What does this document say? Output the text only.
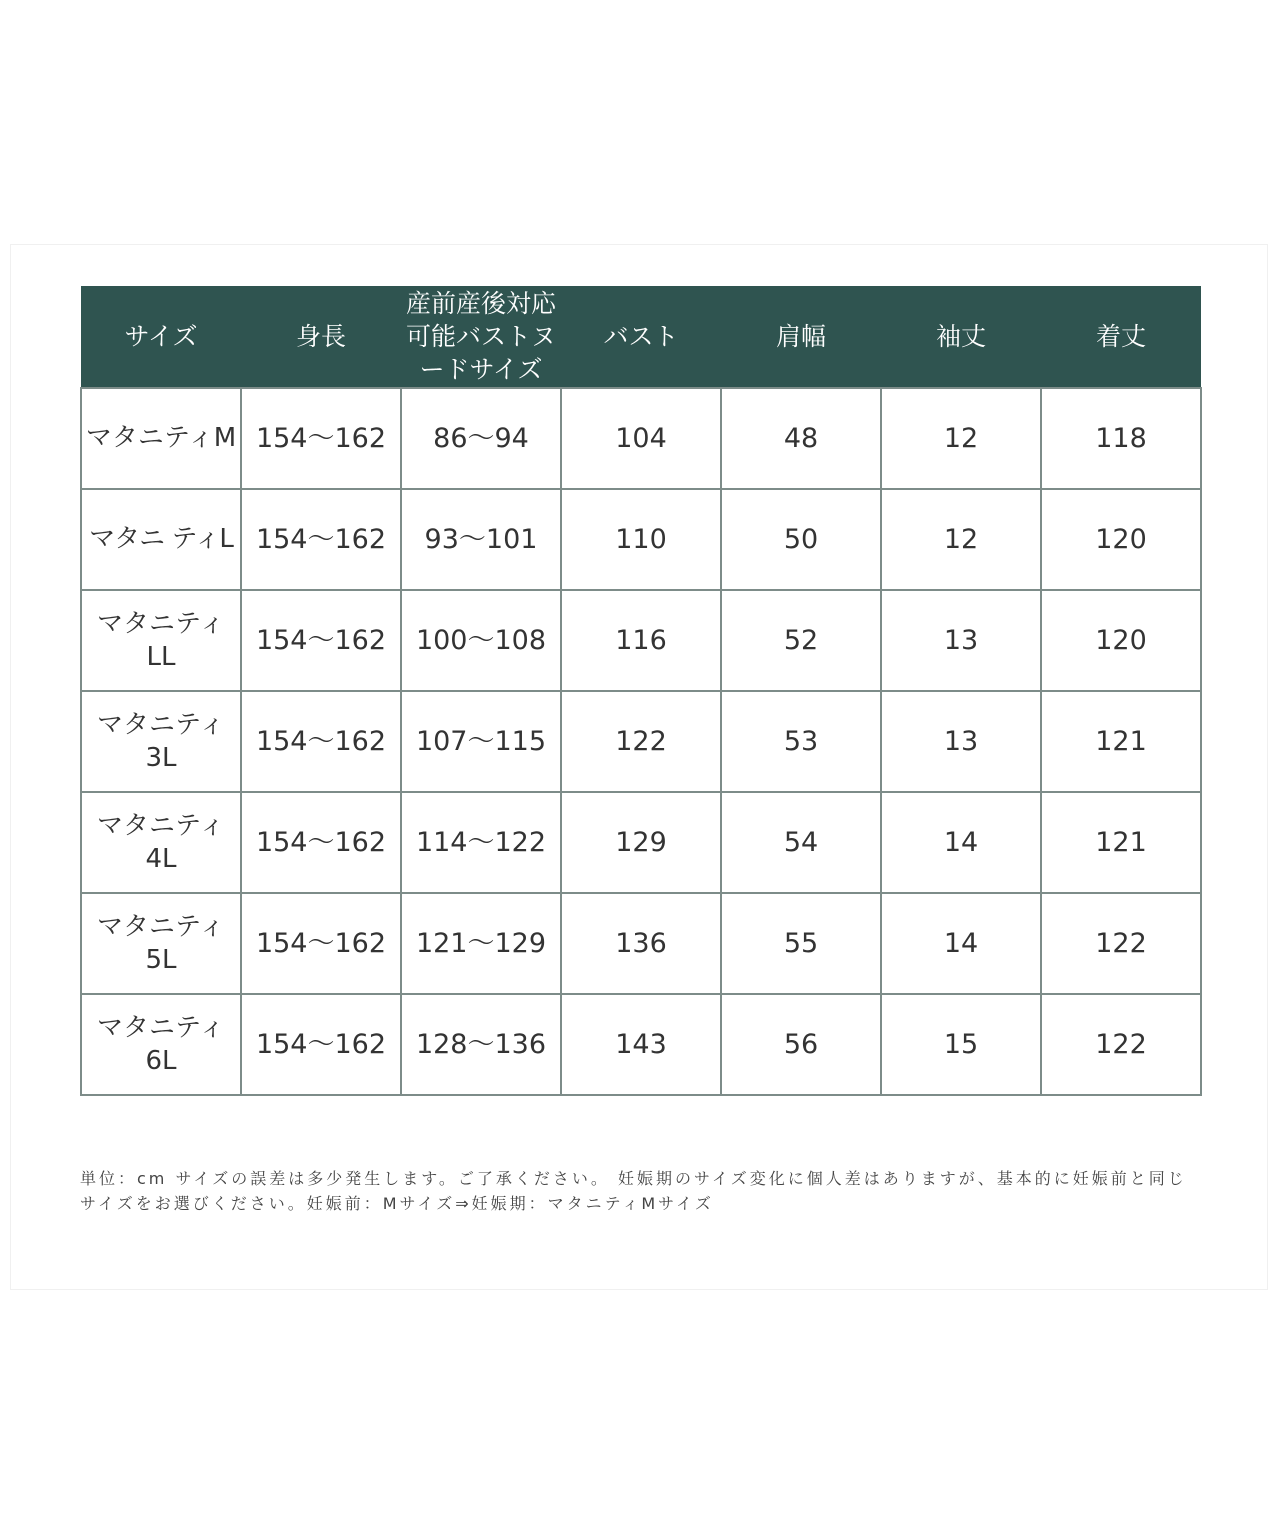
サイズ	身長	産前産後対応可能バストヌードサイズ	バスト	肩幅	袖丈	着丈
マタニティM	154〜162	86〜94	104	48	12	118
マタニ ティL	154〜162	93〜101	110	50	12	120
マタニティLL	154〜162	100〜108	116	52	13	120
マタニティ3L	154〜162	107〜115	122	53	13	121
マタニティ4L	154〜162	114〜122	129	54	14	121
マタニティ5L	154〜162	121〜129	136	55	14	122
マタニティ6L	154〜162	128〜136	143	56	15	122
単位：cm サイズの誤差は多少発生します。ご了承ください。 妊娠期のサイズ変化に個人差はありますが、基本的に妊娠前と同じサイズをお選びください。妊娠前：Mサイズ⇒妊娠期：マタニティMサイズ
